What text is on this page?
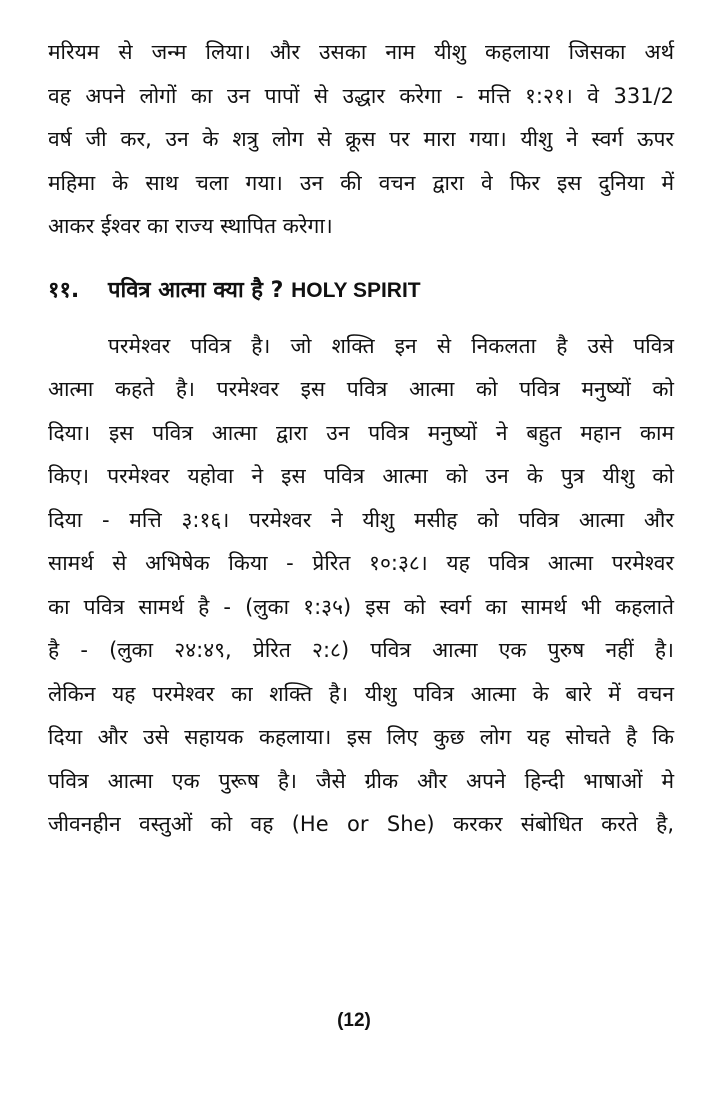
मरियम से जन्म लिया। और उसका नाम यीशु कहलाया जिसका अर्थ
वह अपने लोगों का उन पापों से उद्धार करेगा - मत्ति १:२१। वे 331/2
वर्ष जी कर, उन के शत्रु लोग से क्रूस पर मारा गया। यीशु ने स्वर्ग ऊपर
महिमा के साथ चला गया। उन की वचन द्वारा वे फिर इस दुनिया में
आकर ईश्वर का राज्य स्थापित करेगा।
११.	पवित्र आत्मा क्या है ? HOLY SPIRIT
परमेश्वर पवित्र है। जो शक्ति इन से निकलता है उसे पवित्र
आत्मा कहते है। परमेश्वर इस पवित्र आत्मा को पवित्र मनुष्यों को
दिया। इस पवित्र आत्मा द्वारा उन पवित्र मनुष्यों ने बहुत महान काम
किए। परमेश्वर यहोवा ने इस पवित्र आत्मा को उन के पुत्र यीशु को
दिया - मत्ति ३:१६। परमेश्वर ने यीशु मसीह को पवित्र आत्मा और
सामर्थ से अभिषेक किया - प्रेरित १०:३८। यह पवित्र आत्मा परमेश्वर
का पवित्र सामर्थ है - (लुका १:३५) इस को स्वर्ग का सामर्थ भी कहलाते
है - (लुका २४:४९, प्रेरित २:८) पवित्र आत्मा एक पुरुष नहीं है।
लेकिन यह परमेश्वर का शक्ति है। यीशु पवित्र आत्मा के बारे में वचन
दिया और उसे सहायक कहलाया। इस लिए कुछ लोग यह सोचते है कि
पवित्र आत्मा एक पुरूष है। जैसे ग्रीक और अपने हिन्दी भाषाओं मे
जीवनहीन वस्तुओं को वह (He or She) करकर संबोधित करते है,
(12)
